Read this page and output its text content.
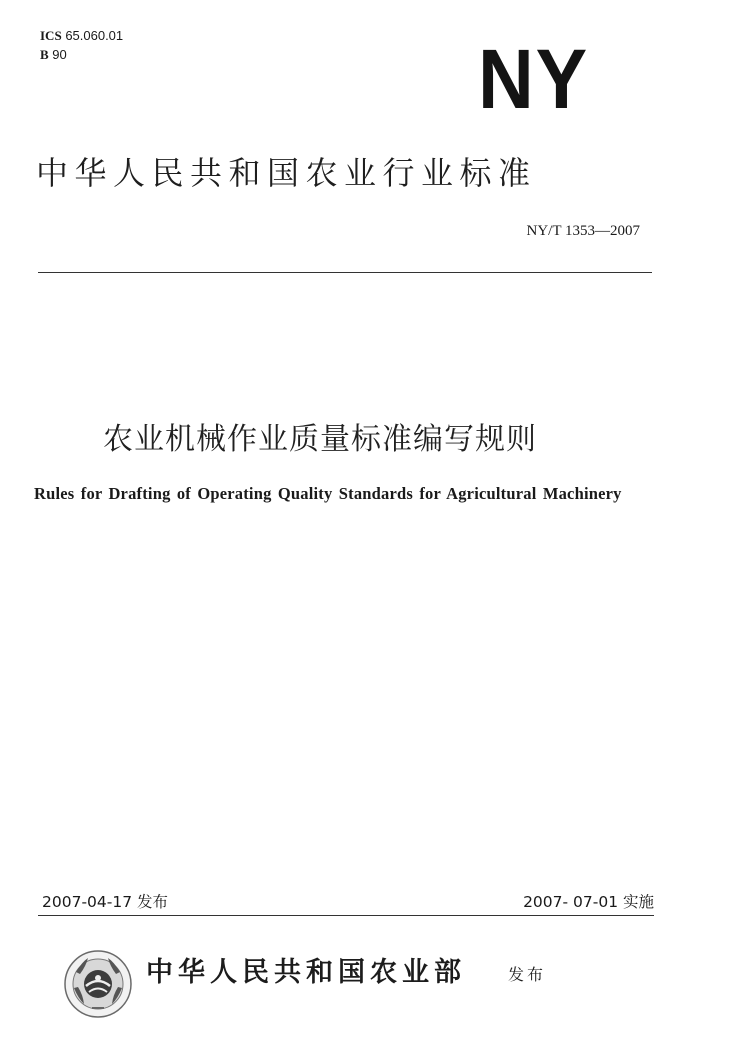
ICS 65.060.01
B 90	NY
中华人民共和国农业行业标准
NY/T 1353—2007
农业机械作业质量标准编写规则
Rules for Drafting of Operating Quality Standards for Agricultural Machinery
2007-04-17 发布	2007- 07-01 实施
中华人民共和国农业部	发布
